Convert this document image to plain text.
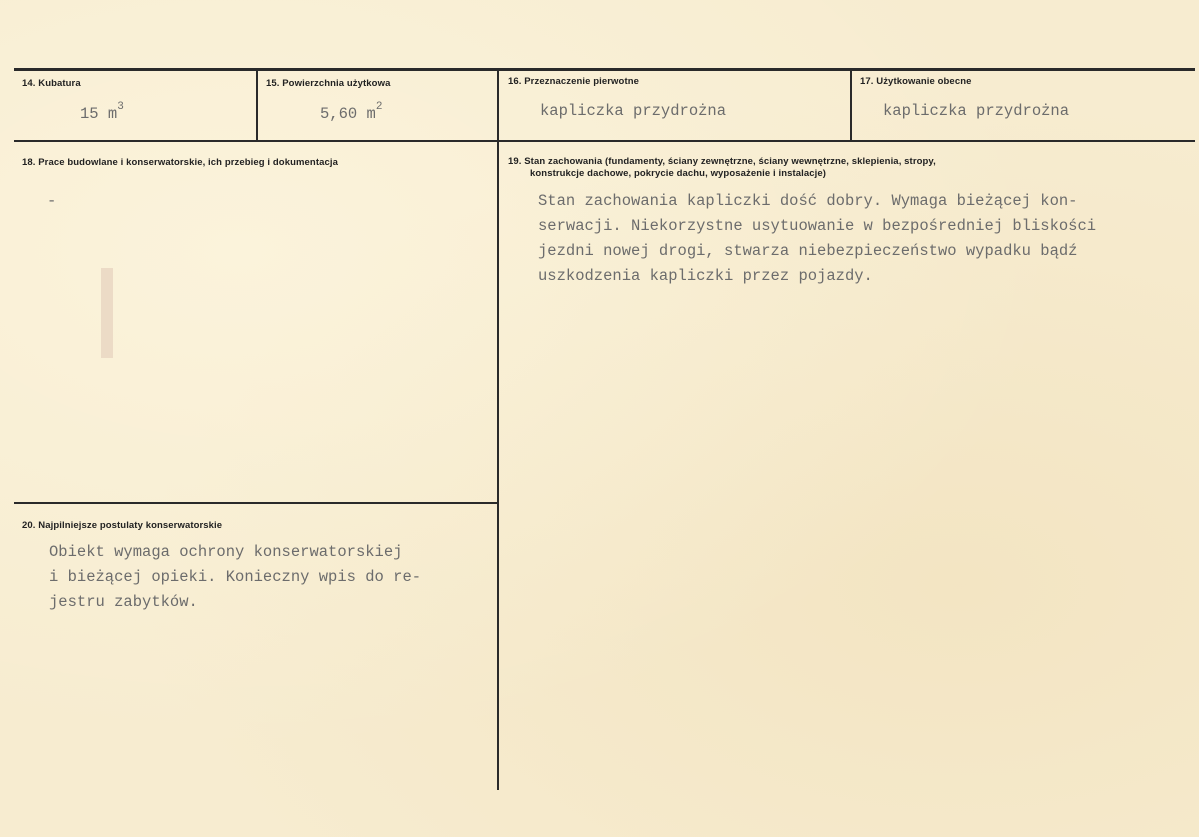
14. Kubatura
15 $m^3$
15. Powierzchnia użytkowa
5,60 $m^2$
16. Przeznaczenie pierwotne
kapliczka przydrożna
17. Użytkowanie obecne
kapliczka przydrożna
18. Prace budowlane i konserwatorskie, ich przebieg i dokumentacja
-
19. Stan zachowania (fundamenty, ściany zewnętrzne, ściany wewnętrzne, sklepienia, stropy,
konstrukcje dachowe, pokrycie dachu, wyposażenie i instalacje)
Stan zachowania kapliczki dość dobry. Wymaga bieżącej kon-
serwacji. Niekorzystne usytuowanie w bezpośredniej bliskości
jezdni nowej drogi, stwarza niebezpieczeństwo wypadku bądź
uszkodzenia kapliczki przez pojazdy.
20. Najpilniejsze postulaty konserwatorskie
Obiekt wymaga ochrony konserwatorskiej
i bieżącej opieki. Konieczny wpis do re-
jestru zabytków.
